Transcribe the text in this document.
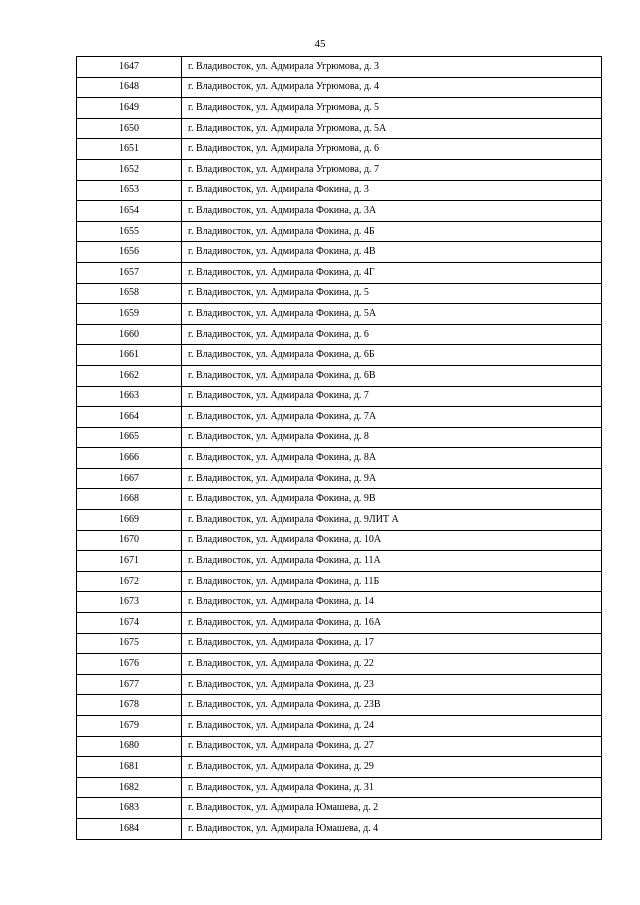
45
1647	г. Владивосток, ул. Адмирала Угрюмова, д. 3
1648	г. Владивосток, ул. Адмирала Угрюмова, д. 4
1649	г. Владивосток, ул. Адмирала Угрюмова, д. 5
1650	г. Владивосток, ул. Адмирала Угрюмова, д. 5А
1651	г. Владивосток, ул. Адмирала Угрюмова, д. 6
1652	г. Владивосток, ул. Адмирала Угрюмова, д. 7
1653	г. Владивосток, ул. Адмирала Фокина, д. 3
1654	г. Владивосток, ул. Адмирала Фокина, д. 3А
1655	г. Владивосток, ул. Адмирала Фокина, д. 4Б
1656	г. Владивосток, ул. Адмирала Фокина, д. 4В
1657	г. Владивосток, ул. Адмирала Фокина, д. 4Г
1658	г. Владивосток, ул. Адмирала Фокина, д. 5
1659	г. Владивосток, ул. Адмирала Фокина, д. 5А
1660	г. Владивосток, ул. Адмирала Фокина, д. 6
1661	г. Владивосток, ул. Адмирала Фокина, д. 6Б
1662	г. Владивосток, ул. Адмирала Фокина, д. 6В
1663	г. Владивосток, ул. Адмирала Фокина, д. 7
1664	г. Владивосток, ул. Адмирала Фокина, д. 7А
1665	г. Владивосток, ул. Адмирала Фокина, д. 8
1666	г. Владивосток, ул. Адмирала Фокина, д. 8А
1667	г. Владивосток, ул. Адмирала Фокина, д. 9А
1668	г. Владивосток, ул. Адмирала Фокина, д. 9В
1669	г. Владивосток, ул. Адмирала Фокина, д. 9ЛИТ А
1670	г. Владивосток, ул. Адмирала Фокина, д. 10А
1671	г. Владивосток, ул. Адмирала Фокина, д. 11А
1672	г. Владивосток, ул. Адмирала Фокина, д. 11Б
1673	г. Владивосток, ул. Адмирала Фокина, д. 14
1674	г. Владивосток, ул. Адмирала Фокина, д. 16А
1675	г. Владивосток, ул. Адмирала Фокина, д. 17
1676	г. Владивосток, ул. Адмирала Фокина, д. 22
1677	г. Владивосток, ул. Адмирала Фокина, д. 23
1678	г. Владивосток, ул. Адмирала Фокина, д. 23В
1679	г. Владивосток, ул. Адмирала Фокина, д. 24
1680	г. Владивосток, ул. Адмирала Фокина, д. 27
1681	г. Владивосток, ул. Адмирала Фокина, д. 29
1682	г. Владивосток, ул. Адмирала Фокина, д. 31
1683	г. Владивосток, ул. Адмирала Юмашева, д. 2
1684	г. Владивосток, ул. Адмирала Юмашева, д. 4
